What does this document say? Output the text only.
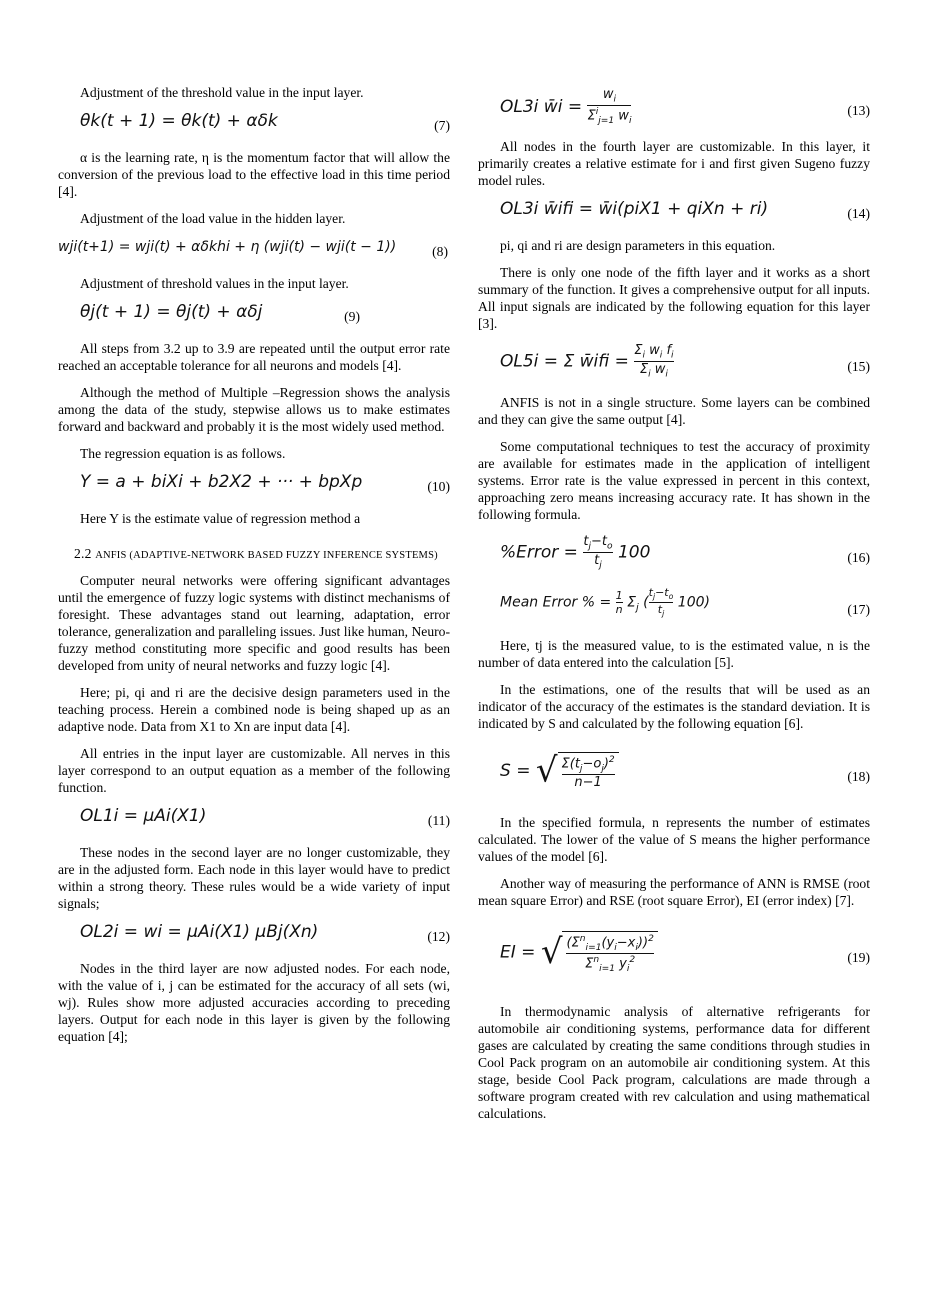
Adjustment of the threshold value in the input layer.

θk(t + 1) = θk(t) + αδk	(7)

α is the learning rate, η is the momentum factor that will allow the conversion of the previous load to the effective load in this time period [4].

Adjustment of the load value in the hidden layer.

wji(t+1) = wji(t) + αδkhi + η (wji(t) − wji(t − 1))	(8)

Adjustment of threshold values in the input layer.

θj(t + 1) = θj(t) + αδj	(9)

All steps from 3.2 up to 3.9 are repeated until the output error rate reached an acceptable tolerance for all neurons and models [4].

Although the method of Multiple –Regression shows the analysis among the data of the study, stepwise allows us to make estimates forward and backward and probably it is the most widely used method.

The regression equation is as follows.

Y = a + biXi + b2X2 + ··· + bpXp	(10)

Here Y is the estimate value of regression method a

2.2 ANFIS (ADAPTIVE-NETWORK BASED FUZZY INFERENCE SYSTEMS)

Computer neural networks were offering significant advantages until the emergence of fuzzy logic systems with distinct mechanisms of foresight. These advantages stand out learning, adaptation, error tolerance, generalization and paralleling issues. Just like human, Neuro-fuzzy method constituting more specific and good results has been developed from unity of neural networks and fuzzy logic [4].

Here; pi, qi and ri are the decisive design parameters used in the teaching process. Herein a combined node is being shaped up as an adaptive node. Data from X1 to Xn are input data [4].

All entries in the input layer are customizable. All nerves in this layer correspond to an output equation as a member of the following function.

OL1i = µAi(X1)	(11)

These nodes in the second layer are no longer customizable, they are in the adjusted form. Each node in this layer would have to predict within a strong theory. These rules would be a wide variety of input signals;

OL2i = wi = µAi(X1) µBj(Xn)	(12)

Nodes in the third layer are now adjusted nodes. For each node, with the value of i, j can be estimated for the accuracy of all sets (wi, wj). Rules show more adjusted accuracies according to preceding layers. Output for each node in this layer is given by the following equation [4];

OL3i w̄i = $\frac{w_i}{\Sigma^i_{j=1} w_i}$	(13)

All nodes in the fourth layer are customizable. In this layer, it primarily creates a relative estimate for i and first given Sugeno fuzzy model rules.

OL3i w̄ifi = w̄i(piX1 + qiXn + ri)	(14)

pi, qi and ri are design parameters in this equation.

There is only one node of the fifth layer and it works as a short summary of the function. It gives a comprehensive output for all inputs. All input signals are indicated by the following equation for this layer [3].

OL5i = Σ w̄ifi = $\frac{\Sigma_i w_i f_i}{\Sigma_i w_i}$	(15)

ANFIS is not in a single structure. Some layers can be combined and they can give the same output [4].

Some computational techniques to test the accuracy of proximity are available for estimates made in the application of intelligent systems. Error rate is the value expressed in percent in this context, approaching zero means increasing accuracy rate. It has shown in the following formula.

%Error = $\frac{t_j-t_o}{t_j} 100$	(16)
Mean Error % = $\frac{1}{n} \Sigma_j$ ( $\frac{t_j-t_o}{t_j} 100$)	(17)

Here, tj is the measured value, to is the estimated value, n is the number of data entered into the calculation [5].

In the estimations, one of the results that will be used as an indicator of the accuracy of the estimates is the standard deviation. It is indicated by S and calculated by the following equation [6].

S = √ $\frac{\Sigma(t_j-o_j)^2}{n-1}$	(18)

In the specified formula, n represents the number of estimates calculated. The lower of the value of S means the higher performance values of the model [6].

Another way of measuring the performance of ANN is RMSE (root mean square Error) and RSE (root square Error), EI (error index) [7].

EI = √ $\frac{(\Sigma^n_{i=1}(y_i-x_i))^2}{\Sigma^n_{i=1} y_i^2}$	(19)

In thermodynamic analysis of alternative refrigerants for automobile air conditioning systems, performance data for different gases are calculated by creating the same conditions through studies in Cool Pack program on an automobile air conditioning system. At this stage, beside Cool Pack program, calculations are made through a software program created with rev calculation and using mathematical calculations.
